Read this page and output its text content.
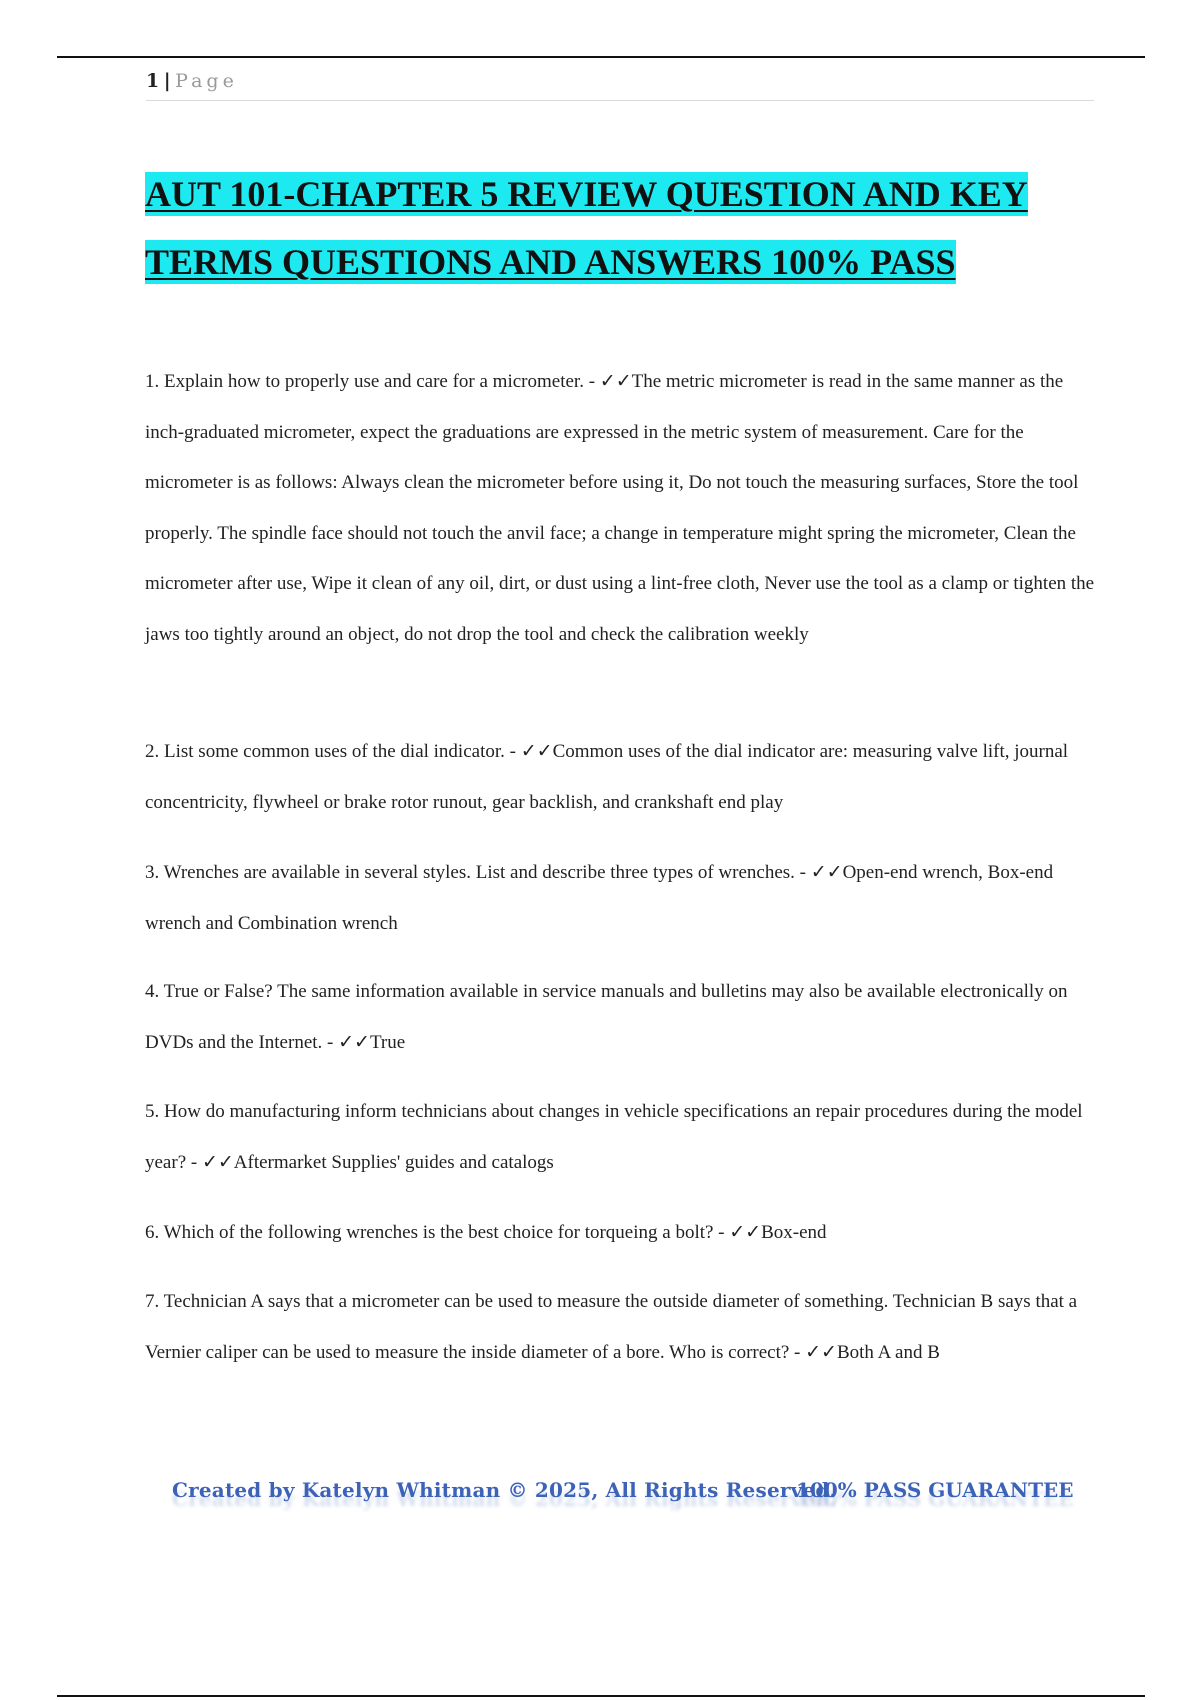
1 | Page
AUT 101-CHAPTER 5 REVIEW QUESTION AND KEY TERMS QUESTIONS AND ANSWERS 100% PASS
1. Explain how to properly use and care for a micrometer. - ✓✓The metric micrometer is read in the same manner as the inch-graduated micrometer, expect the graduations are expressed in the metric system of measurement. Care for the micrometer is as follows: Always clean the micrometer before using it, Do not touch the measuring surfaces, Store the tool properly. The spindle face should not touch the anvil face; a change in temperature might spring the micrometer, Clean the micrometer after use, Wipe it clean of any oil, dirt, or dust using a lint-free cloth, Never use the tool as a clamp or tighten the jaws too tightly around an object, do not drop the tool and check the calibration weekly
2. List some common uses of the dial indicator. - ✓✓Common uses of the dial indicator are: measuring valve lift, journal concentricity, flywheel or brake rotor runout, gear backlish, and crankshaft end play
3. Wrenches are available in several styles. List and describe three types of wrenches. - ✓✓Open-end wrench, Box-end wrench and Combination wrench
4. True or False? The same information available in service manuals and bulletins may also be available electronically on DVDs and the Internet. - ✓✓True
5. How do manufacturing inform technicians about changes in vehicle specifications an repair procedures during the model year? - ✓✓Aftermarket Supplies' guides and catalogs
6. Which of the following wrenches is the best choice for torqueing a bolt? - ✓✓Box-end
7. Technician A says that a micrometer can be used to measure the outside diameter of something. Technician B says that a Vernier caliper can be used to measure the inside diameter of a bore. Who is correct? - ✓✓Both A and B
Created by Katelyn Whitman © 2025, All Rights Reserved.
100% PASS GUARANTEE
